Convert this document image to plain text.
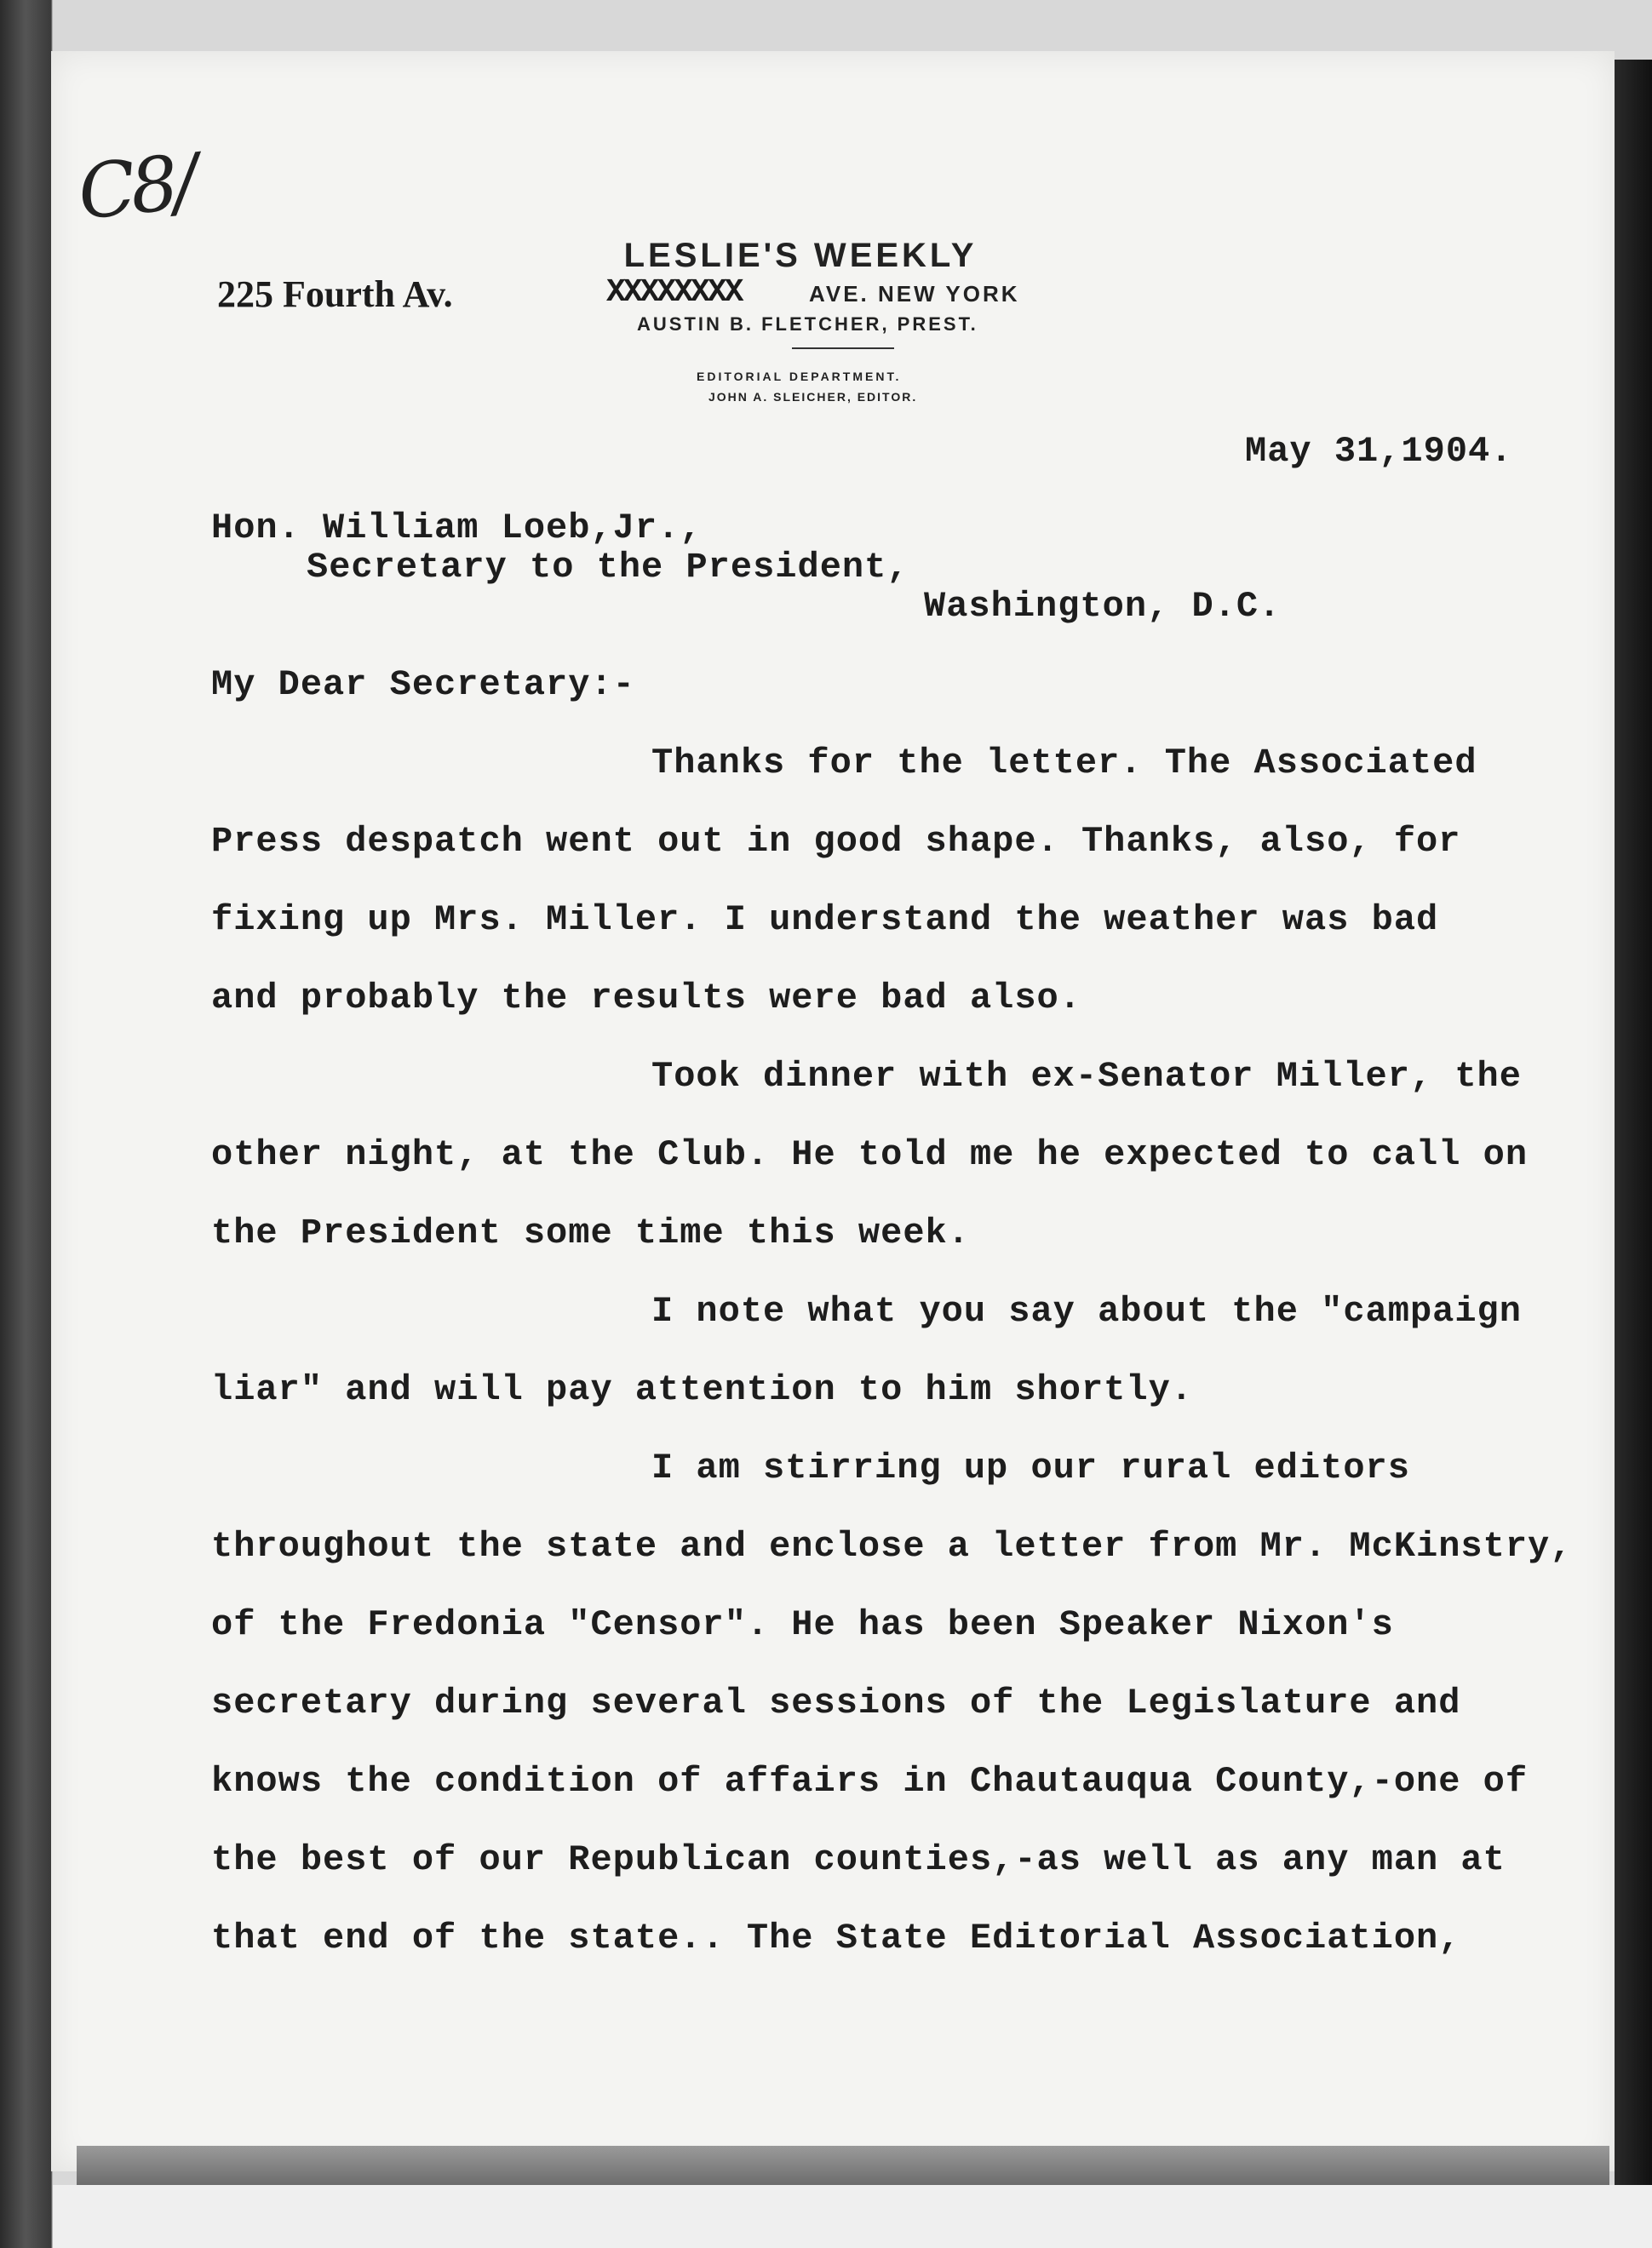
C8/
LESLIE'S WEEKLY
AVE. NEW YORK
AUSTIN B. FLETCHER, PREST.
EDITORIAL DEPARTMENT.
JOHN A. SLEICHER, EDITOR.
225 Fourth Av.	XXXXXXXX
May 31,1904.
Hon. William Loeb,Jr.,
Secretary to the President,
Washington, D.C.
My Dear Secretary:-
Thanks for the letter. The Associated
Press despatch went out in good shape. Thanks, also, for
fixing up Mrs. Miller. I understand the weather was bad
and probably the results were bad also.
Took dinner with ex-Senator Miller, the
other night, at the Club. He told me he expected to call on
the President some time this week.
I note what you say about the "campaign
liar" and will pay attention to him shortly.
I am stirring up our rural editors
throughout the state and enclose a letter from Mr. McKinstry,
of the Fredonia "Censor". He has been Speaker Nixon's
secretary during several sessions of the Legislature and
knows the condition of affairs in Chautauqua County,-one of
the best of our Republican counties,-as well as any man at
that end of the state.. The State Editorial Association,
